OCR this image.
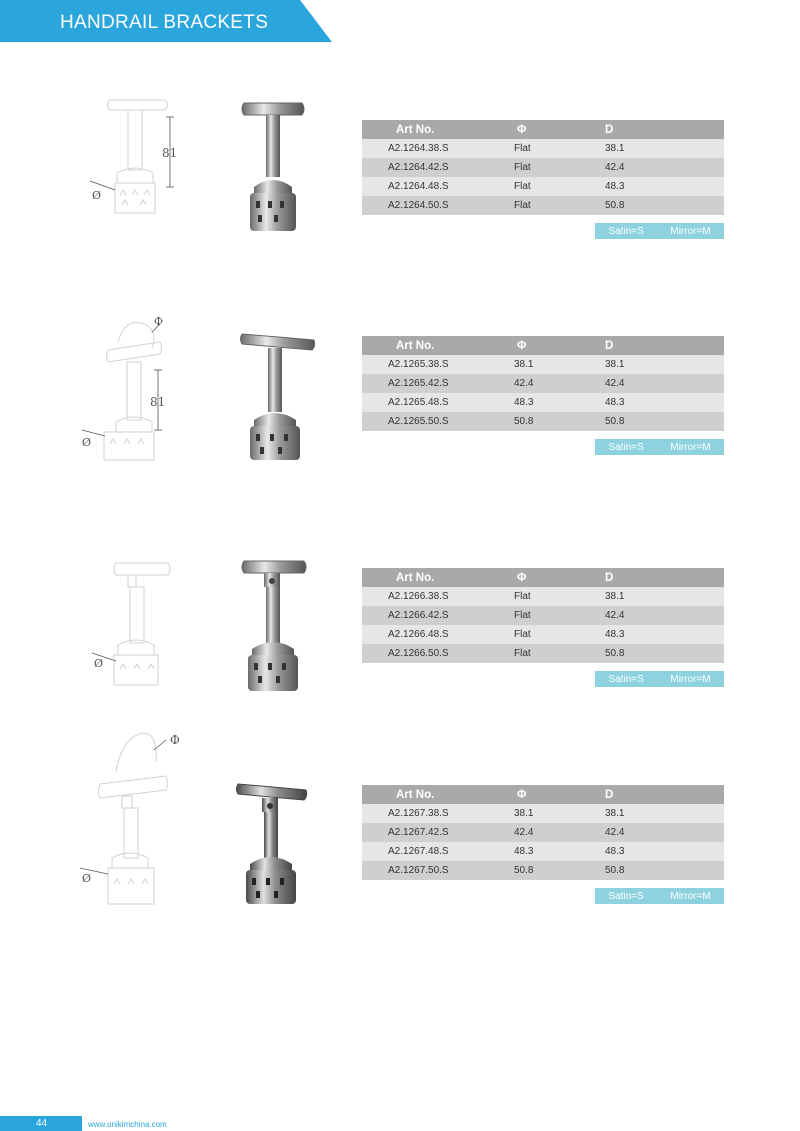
HANDRAIL BRACKETS
81
Ø
Art No.	Φ	D
A2.1264.38.S	Flat	38.1
A2.1264.42.S	Flat	42.4
A2.1264.48.S	Flat	48.3
A2.1264.50.S	Flat	50.8
Satin=S	Mirror=M
Φ
81
Ø
Art No.	Φ	D
A2.1265.38.S	38.1	38.1
A2.1265.42.S	42.4	42.4
A2.1265.48.S	48.3	48.3
A2.1265.50.S	50.8	50.8
Satin=S	Mirror=M
Ø
Art No.	Φ	D
A2.1266.38.S	Flat	38.1
A2.1266.42.S	Flat	42.4
A2.1266.48.S	Flat	48.3
A2.1266.50.S	Flat	50.8
Satin=S	Mirror=M
Φ
Ø
Art No.	Φ	D
A2.1267.38.S	38.1	38.1
A2.1267.42.S	42.4	42.4
A2.1267.48.S	48.3	48.3
A2.1267.50.S	50.8	50.8
Satin=S	Mirror=M
44	www.unikimchina.com
